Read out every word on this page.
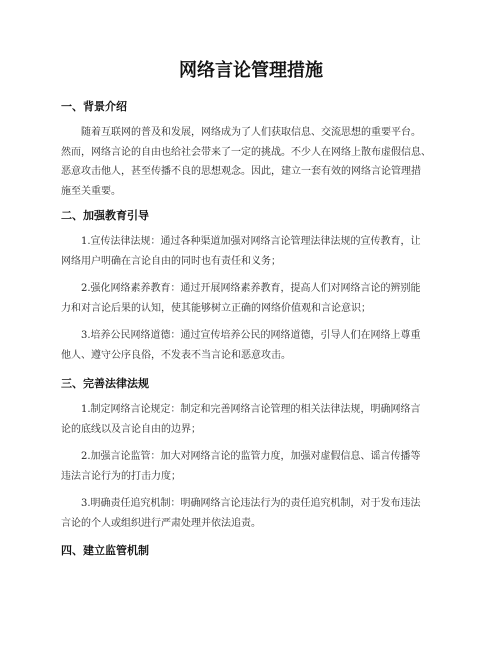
网络言论管理措施
一、背景介绍
随着互联网的普及和发展，网络成为了人们获取信息、交流思想的重要平台。
然而，网络言论的自由也给社会带来了一定的挑战。不少人在网络上散布虚假信息、
恶意攻击他人，甚至传播不良的思想观念。因此，建立一套有效的网络言论管理措
施至关重要。
二、加强教育引导
1.宣传法律法规：通过各种渠道加强对网络言论管理法律法规的宣传教育，让
网络用户明确在言论自由的同时也有责任和义务；
2.强化网络素养教育：通过开展网络素养教育，提高人们对网络言论的辨别能
力和对言论后果的认知，使其能够树立正确的网络价值观和言论意识；
3.培养公民网络道德：通过宣传培养公民的网络道德，引导人们在网络上尊重
他人、遵守公序良俗，不发表不当言论和恶意攻击。
三、完善法律法规
1.制定网络言论规定：制定和完善网络言论管理的相关法律法规，明确网络言
论的底线以及言论自由的边界；
2.加强言论监管：加大对网络言论的监管力度，加强对虚假信息、谣言传播等
违法言论行为的打击力度；
3.明确责任追究机制：明确网络言论违法行为的责任追究机制，对于发布违法
言论的个人或组织进行严肃处理并依法追责。
四、建立监管机制
